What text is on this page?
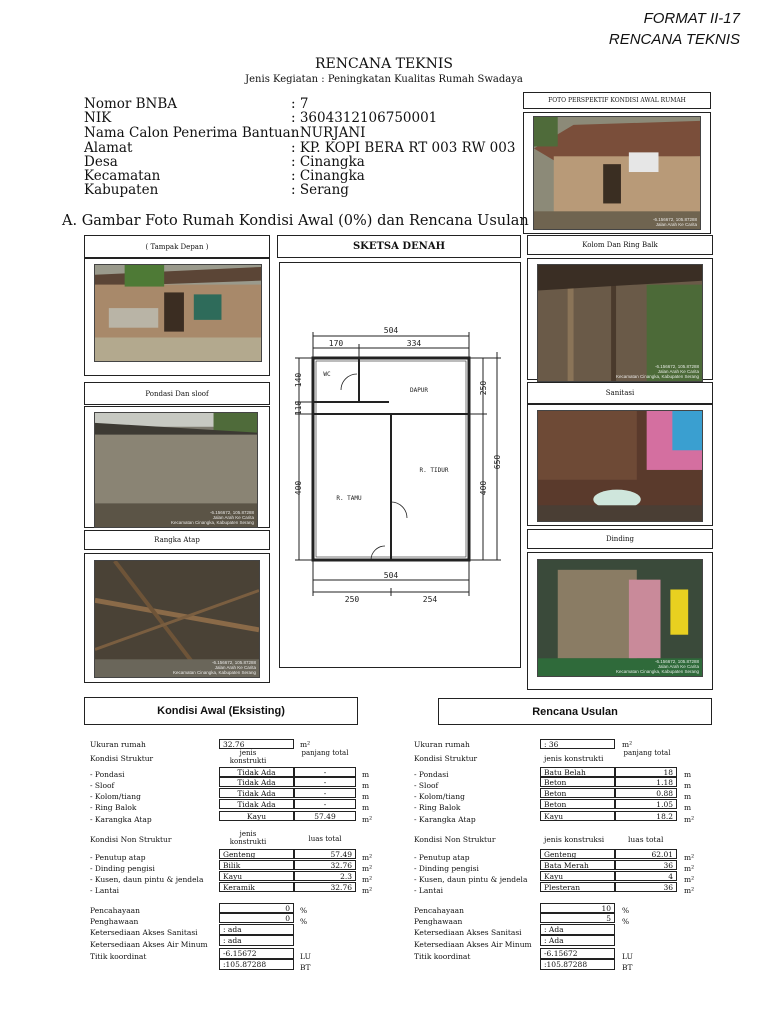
FORMAT II-17
RENCANA TEKNIS
RENCANA TEKNIS
Jenis Kegiatan : Peningkatan Kualitas Rumah Swadaya
Nomor BNBA	: 7
NIK	: 3604312106750001
Nama Calon Penerima Bantuan: NURJANI
Alamat	: KP. KOPI BERA RT 003 RW 003
Desa	: Cinangka
Kecamatan	: Cinangka
Kabupaten	: Serang
FOTO PERSPEKTIF KONDISI AWAL RUMAH
-6.156672, 105.87288
Jalan Arah Ke Carita
A. Gambar Foto Rumah Kondisi Awal (0%) dan Rencana Usulan
( Tampak Depan )
Pondasi Dan sloof
-6.156672, 105.87288
Jalan Arah Ke Carita
Kecamatan Cinangka, Kabupaten Serang
Rangka Atap
-6.156672, 105.87288
Jalan Arah Ke Carita
Kecamatan Cinangka, Kabupaten Serang
SKETSA DENAH
504
170	334
504
250	254
140
110
400
250
400
650
WC
DAPUR
R. TIDUR
R. TAMU
Kolom Dan Ring Balk
-6.156672, 105.87288
Jalan Arah Ke Carita
Kecamatan Cinangka, Kabupaten Serang
Sanitasi
Dinding
-6.156672, 105.87288
Jalan Arah Ke Carita
Kecamatan Cinangka, Kabupaten Serang
Kondisi Awal (Eksisting)	Rencana Usulan
Ukuran rumah	32.76	m²
Kondisi Struktur
jenis konstrukti
panjang total
- Pondasi	Tidak Ada	-	m
- Sloof	Tidak Ada	-	m
- Kolom/tiang	Tidak Ada	-	m
- Ring Balok	Tidak Ada	-	m
- Karangka Atap	Kayu	57.49	m²
Kondisi Non Struktur
jenis konstrukti	luas total
- Penutup atap	Genteng	57.49	m²
- Dinding pengisi	Bilik	32.76	m²
- Kusen, daun pintu & jendela	Kayu	2.3	m²
- Lantai	Keramik	32.76	m²
Pencahayaan	0	%
Penghawaan	0	%
Ketersediaan Akses Sanitasi	: ada
Ketersediaan Akses Air Minum	: ada
Titik koordinat	-6.15672	LU
:105.87288	BT
Ukuran rumah	: 36	m²
Kondisi Struktur	jenis konstrukti
panjang total
- Pondasi	Batu Belah	18	m
- Sloof	Beton	1.18	m
- Kolom/tiang	Beton	0.88	m
- Ring Balok	Beton	1.05	m
- Karangka Atap	Kayu	18.2	m²
Kondisi Non Struktur	jenis konstruksi	luas total
- Penutup atap	Genteng	62.01	m²
- Dinding pengisi	Bata Merah	36	m²
- Kusen, daun pintu & jendela	Kayu	4	m²
- Lantai	Plesteran	36	m²
Pencahayaan	10	%
Penghawaan	5	%
Ketersediaan Akses Sanitasi	: Ada
Ketersediaan Akses Air Minum	: Ada
Titik koordinat	-6.15672	LU
:105.87288	BT
